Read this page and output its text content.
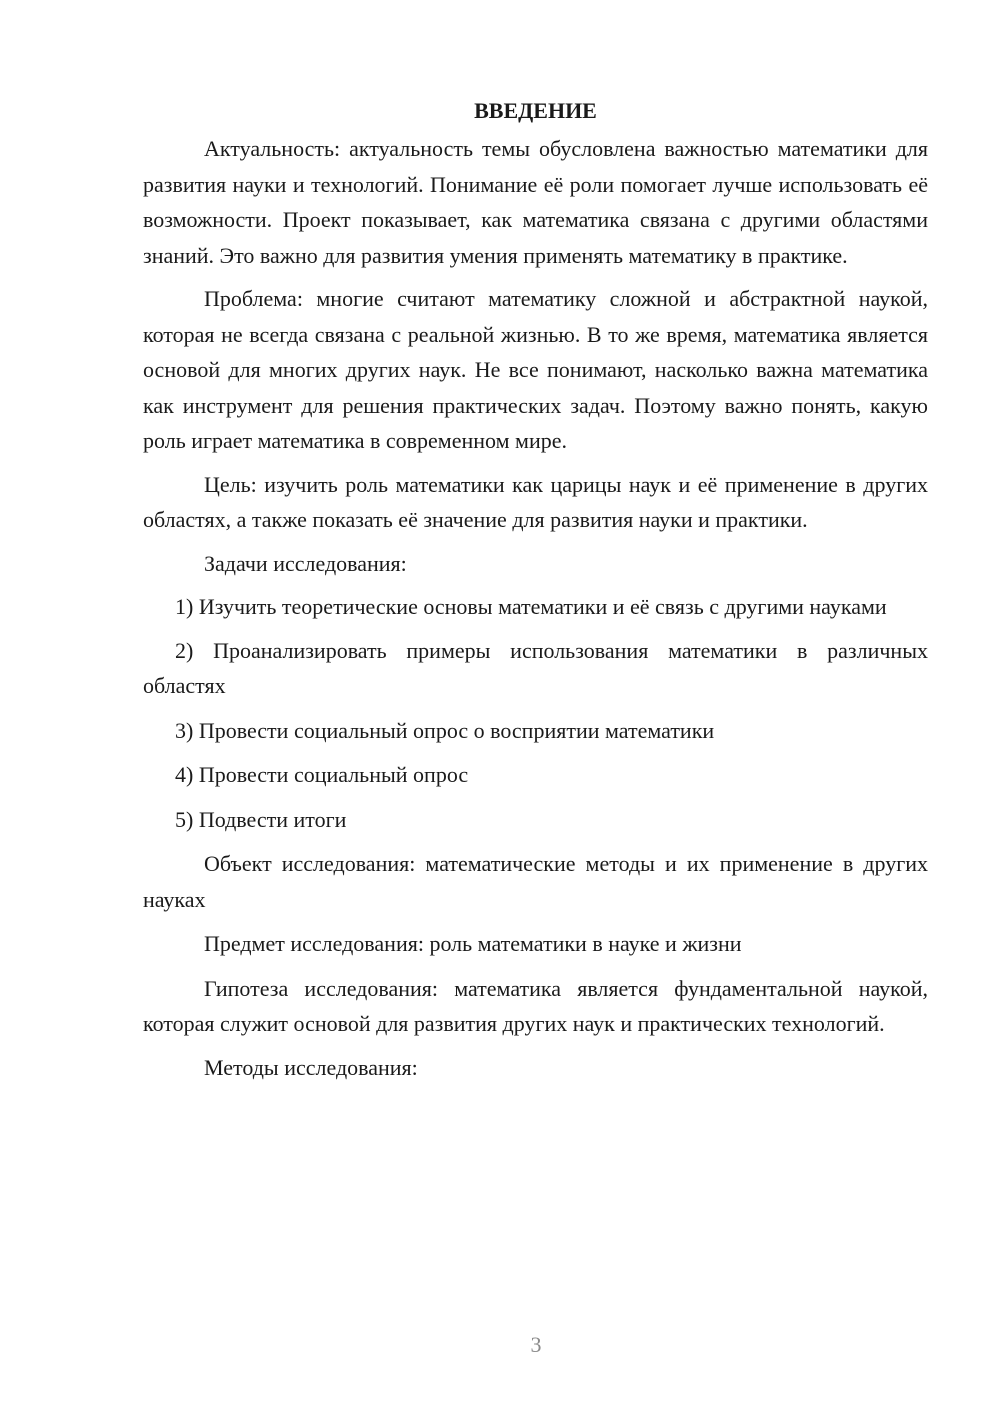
ВВЕДЕНИЕ

Актуальность: актуальность темы обусловлена важностью математики для развития науки и технологий. Понимание её роли помогает лучше использовать её возможности. Проект показывает, как математика связана с другими областями знаний. Это важно для развития умения применять математику в практике.

Проблема: многие считают математику сложной и абстрактной наукой, которая не всегда связана с реальной жизнью. В то же время, математика является основой для многих других наук. Не все понимают, насколько важна математика как инструмент для решения практических задач. Поэтому важно понять, какую роль играет математика в современном мире.

Цель: изучить роль математики как царицы наук и её применение в других областях, а также показать её значение для развития науки и практики.

Задачи исследования:

1) Изучить теоретические основы математики и её связь с другими науками

2) Проанализировать примеры использования математики в различных областях

3) Провести социальный опрос о восприятии математики

4) Провести социальный опрос

5) Подвести итоги

Объект исследования: математические методы и их применение в других науках

Предмет исследования: роль математики в науке и жизни

Гипотеза исследования: математика является фундаментальной наукой, которая служит основой для развития других наук и практических технологий.

Методы исследования:

3
